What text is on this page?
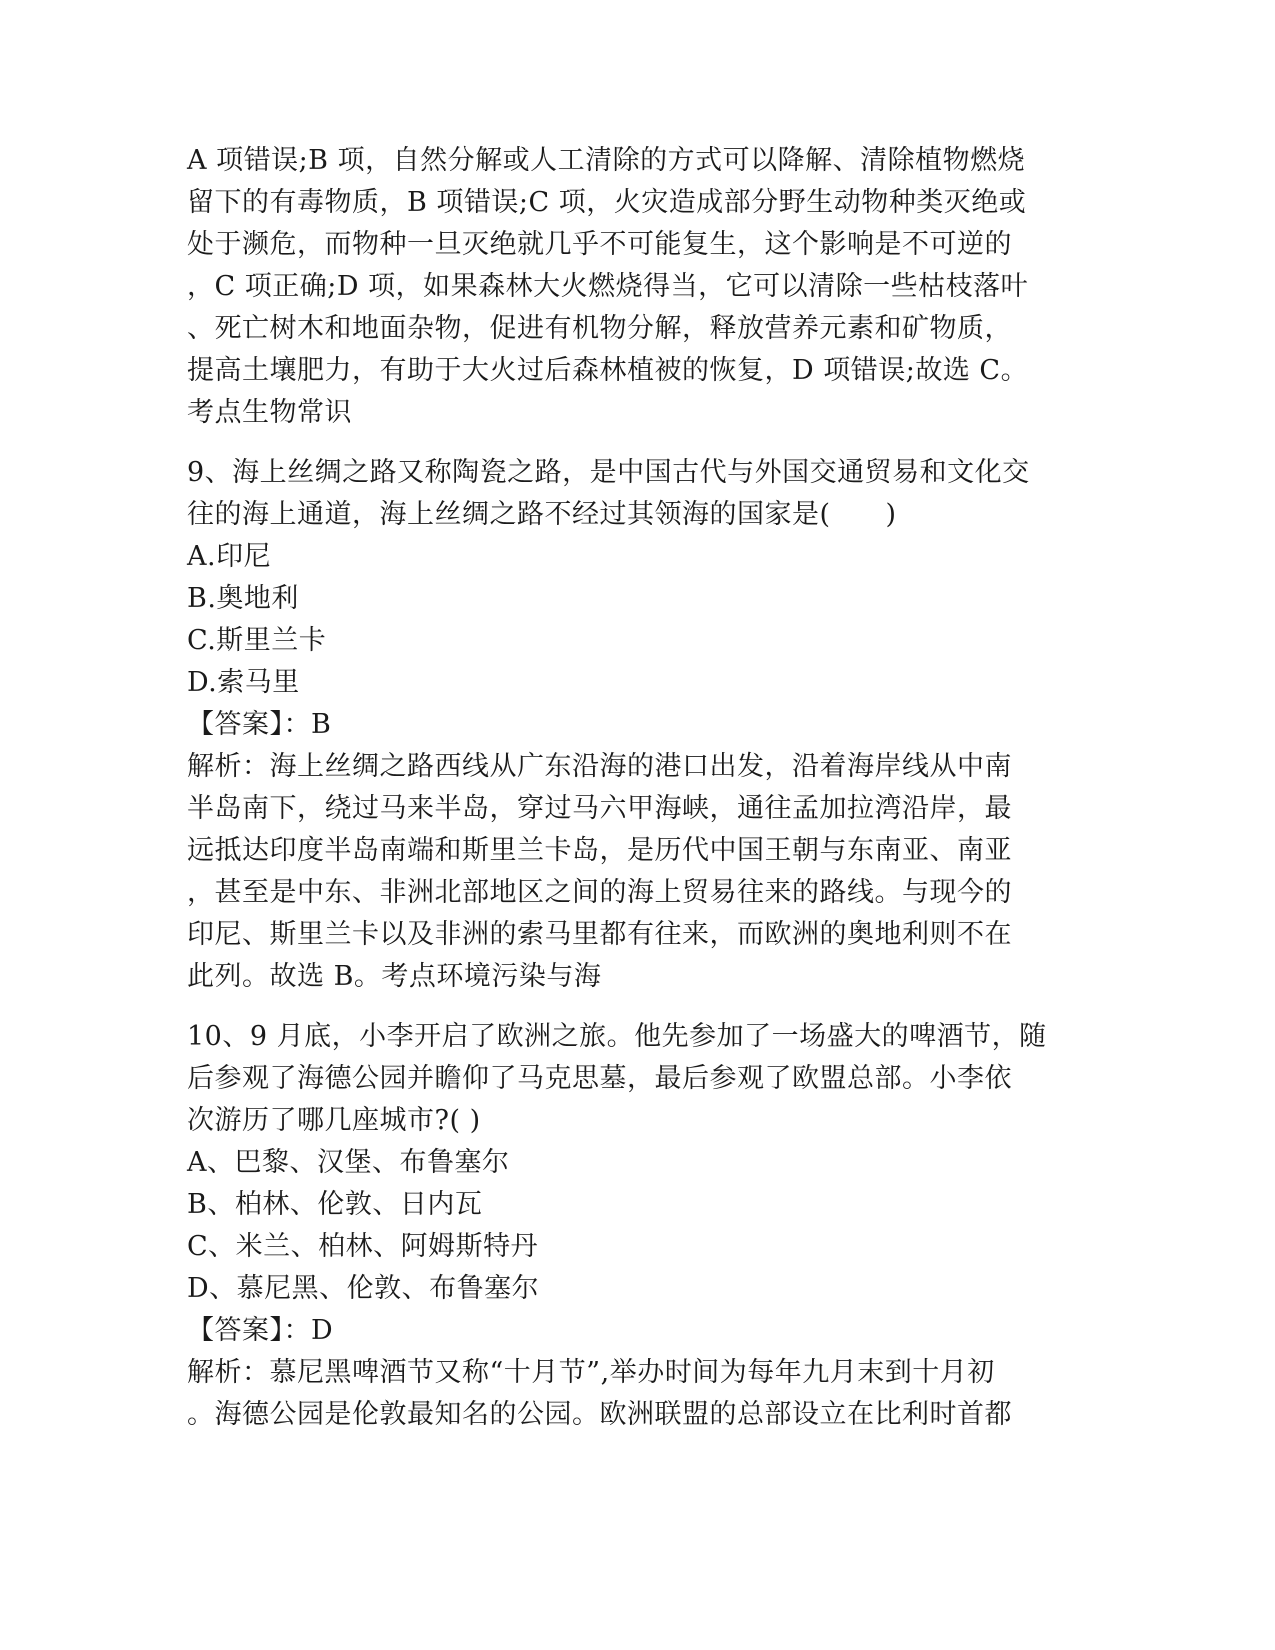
A 项错误;B 项，自然分解或人工清除的方式可以降解、清除植物燃烧
留下的有毒物质，B 项错误;C 项，火灾造成部分野生动物种类灭绝或
处于濒危，而物种一旦灭绝就几乎不可能复生，这个影响是不可逆的
，C 项正确;D 项，如果森林大火燃烧得当，它可以清除一些枯枝落叶
、死亡树木和地面杂物，促进有机物分解，释放营养元素和矿物质，
提高土壤肥力，有助于大火过后森林植被的恢复，D 项错误;故选 C。
考点生物常识
9、海上丝绸之路又称陶瓷之路，是中国古代与外国交通贸易和文化交
往的海上通道，海上丝绸之路不经过其领海的国家是(　　)
A.印尼
B.奥地利
C.斯里兰卡
D.索马里
【答案】：B
解析：海上丝绸之路西线从广东沿海的港口出发，沿着海岸线从中南
半岛南下，绕过马来半岛，穿过马六甲海峡，通往孟加拉湾沿岸，最
远抵达印度半岛南端和斯里兰卡岛，是历代中国王朝与东南亚、南亚
，甚至是中东、非洲北部地区之间的海上贸易往来的路线。与现今的
印尼、斯里兰卡以及非洲的索马里都有往来，而欧洲的奥地利则不在
此列。故选 B。考点环境污染与海
10、9 月底，小李开启了欧洲之旅。他先参加了一场盛大的啤酒节，随
后参观了海德公园并瞻仰了马克思墓，最后参观了欧盟总部。小李依
次游历了哪几座城市?( )
A、巴黎、汉堡、布鲁塞尔
B、柏林、伦敦、日内瓦
C、米兰、柏林、阿姆斯特丹
D、慕尼黑、伦敦、布鲁塞尔
【答案】：D
解析：慕尼黑啤酒节又称“十月节”,举办时间为每年九月末到十月初
。海德公园是伦敦最知名的公园。欧洲联盟的总部设立在比利时首都
